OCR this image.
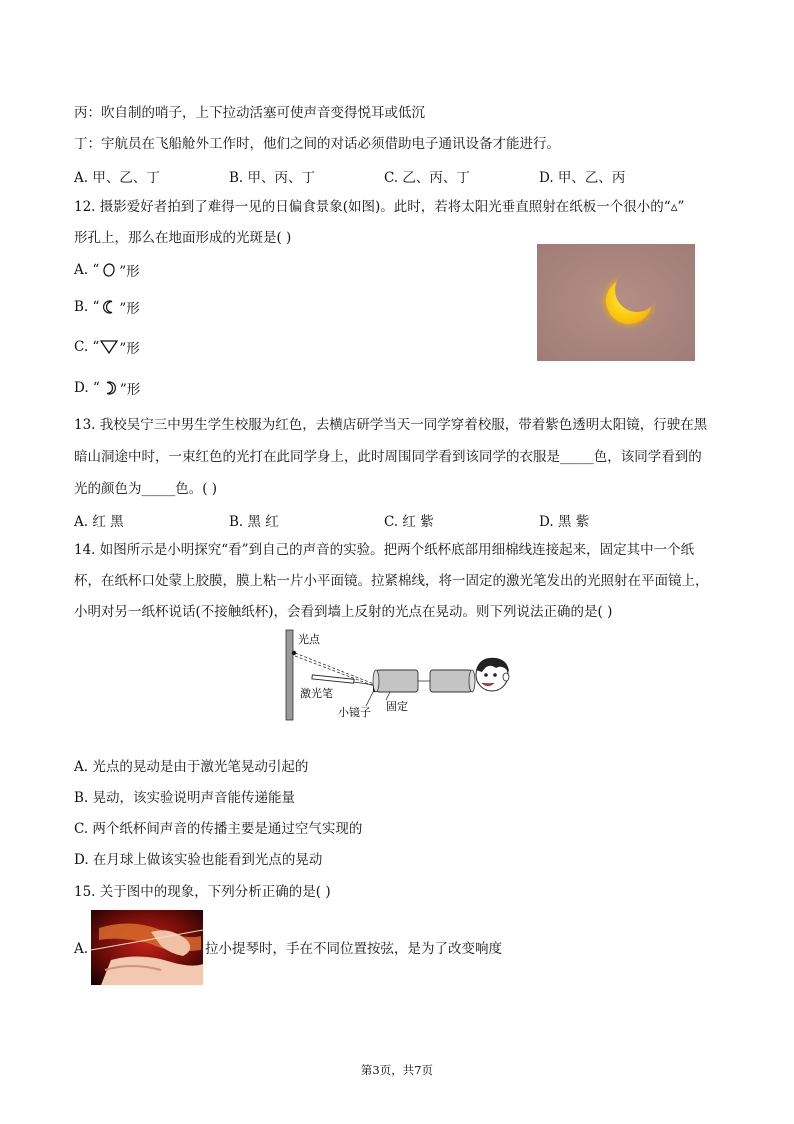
丙：吹自制的哨子，上下拉动活塞可使声音变得悦耳或低沉
丁：宇航员在飞船舱外工作时，他们之间的对话必须借助电子通讯设备才能进行。
A. 甲、乙、丁	B. 甲、丙、丁	C. 乙、丙、丁	D. 甲、乙、丙
12. 摄影爱好者拍到了难得一见的日偏食景象(如图)。此时，若将太阳光垂直照射在纸板一个很小的“▵”
形孔上，那么在地面形成的光斑是( )
A. “ ”形
B. “ ”形
C. “ ”形
D. “ ”形
13. 我校吴宁三中男生学生校服为红色，去横店研学当天一同学穿着校服，带着紫色透明太阳镜，行驶在黑
暗山洞途中时，一束红色的光打在此同学身上，此时周围同学看到该同学的衣服是_____色，该同学看到的
光的颜色为_____色。( )
A. 红 黑	B. 黑 红	C. 红 紫	D. 黑 紫
14. 如图所示是小明探究“看”到自己的声音的实验。把两个纸杯底部用细棉线连接起来，固定其中一个纸
杯，在纸杯口处蒙上胶膜，膜上粘一片小平面镜。拉紧棉线，将一固定的激光笔发出的光照射在平面镜上，
小明对另一纸杯说话(不接触纸杯)，会看到墙上反射的光点在晃动。则下列说法正确的是( )
光点
激光笔
小镜子 固定
A. 光点的晃动是由于激光笔晃动引起的
B. 晃动，该实验说明声音能传递能量
C. 两个纸杯间声音的传播主要是通过空气实现的
D. 在月球上做该实验也能看到光点的晃动
15. 关于图中的现象，下列分析正确的是( )
A.	拉小提琴时，手在不同位置按弦，是为了改变响度
第3页，共7页
